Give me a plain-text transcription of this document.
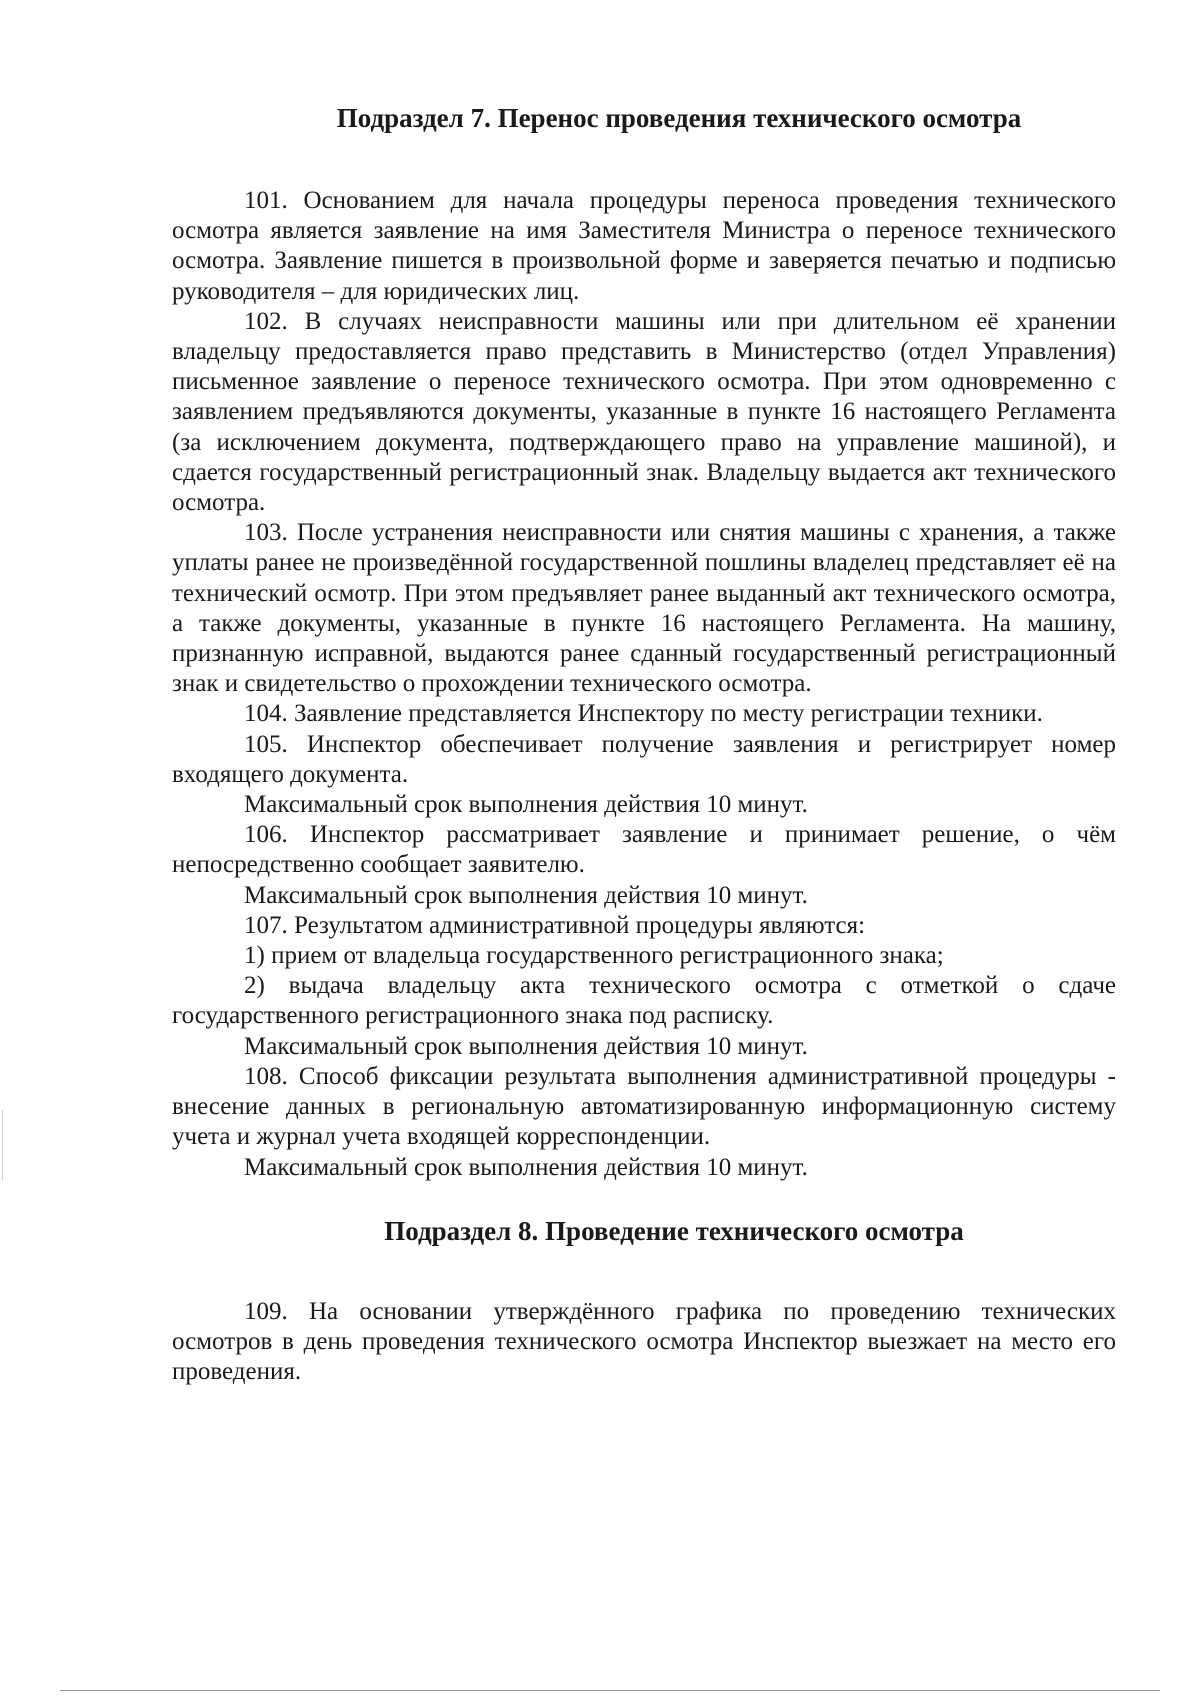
Подраздел 7. Перенос проведения технического осмотра

101. Основанием для начала процедуры переноса проведения технического осмотра является заявление на имя Заместителя Министра о переносе технического осмотра. Заявление пишется в произвольной форме и заверяется печатью и подписью руководителя – для юридических лиц.

102. В случаях неисправности машины или при длительном её хранении владельцу предоставляется право представить в Министерство (отдел Управления) письменное заявление о переносе технического осмотра. При этом одновременно с заявлением предъявляются документы, указанные в пункте 16 настоящего Регламента (за исключением документа, подтверждающего право на управление машиной), и сдается государственный регистрационный знак. Владельцу выдается акт технического осмотра.

103. После устранения неисправности или снятия машины с хранения, а также уплаты ранее не произведённой государственной пошлины владелец представляет её на технический осмотр. При этом предъявляет ранее выданный акт технического осмотра, а также документы, указанные в пункте 16 настоящего Регламента. На машину, признанную исправной, выдаются ранее сданный государственный регистрационный знак и свидетельство о прохождении технического осмотра.

104. Заявление представляется Инспектору по месту регистрации техники.

105. Инспектор обеспечивает получение заявления и регистрирует номер входящего документа.

Максимальный срок выполнения действия 10 минут.

106. Инспектор рассматривает заявление и принимает решение, о чём непосредственно сообщает заявителю.

Максимальный срок выполнения действия 10 минут.

107. Результатом административной процедуры являются:

1) прием от владельца государственного регистрационного знака;

2) выдача владельцу акта технического осмотра с отметкой о сдаче государственного регистрационного знака под расписку.

Максимальный срок выполнения действия 10 минут.

108. Способ фиксации результата выполнения административной процедуры - внесение данных в региональную автоматизированную информационную систему учета и журнал учета входящей корреспонденции.

Максимальный срок выполнения действия 10 минут.

Подраздел 8. Проведение технического осмотра

109. На основании утверждённого графика по проведению технических осмотров в день проведения технического осмотра Инспектор выезжает на место его проведения.
